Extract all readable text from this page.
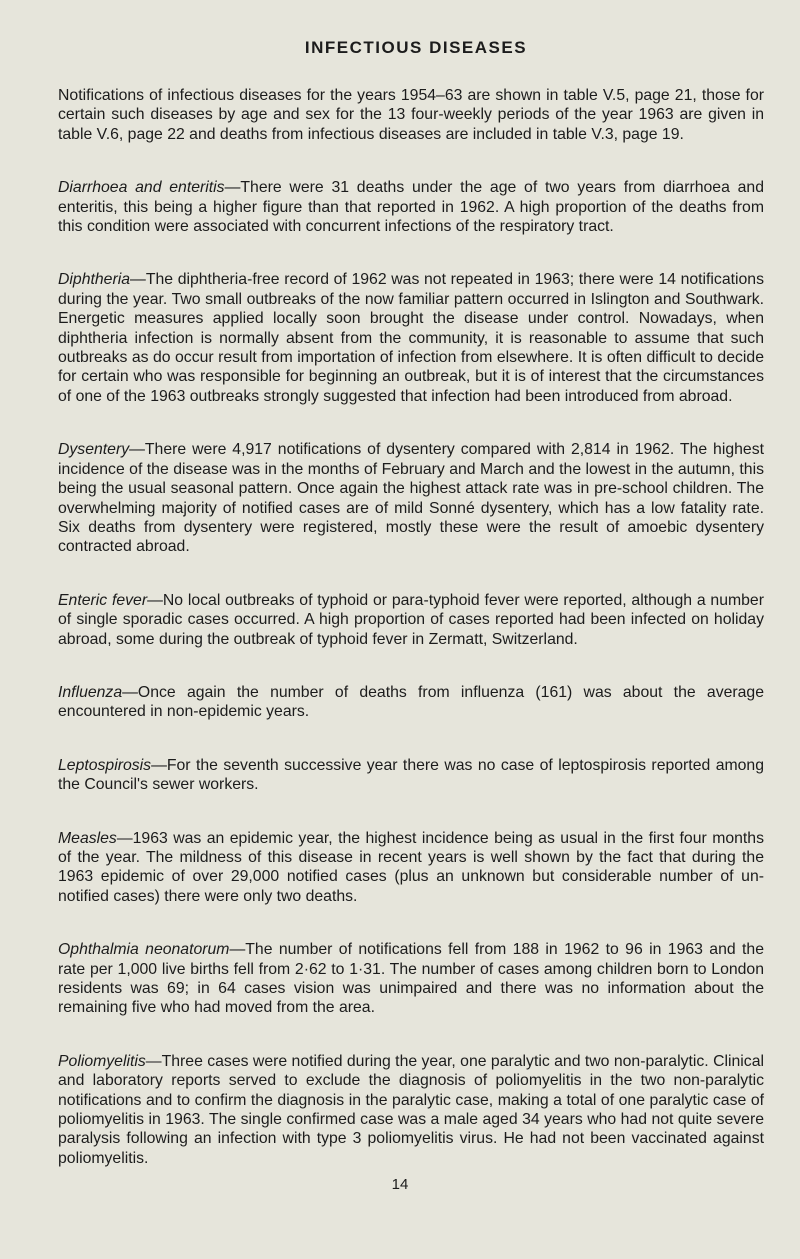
INFECTIOUS DISEASES

Notifications of infectious diseases for the years 1954–63 are shown in table V.5, page 21, those for certain such diseases by age and sex for the 13 four-weekly periods of the year 1963 are given in table V.6, page 22 and deaths from infectious diseases are included in table V.3, page 19.

Diarrhoea and enteritis—There were 31 deaths under the age of two years from diarrhoea and enteritis, this being a higher figure than that reported in 1962. A high proportion of the deaths from this condition were associated with concurrent infections of the respiratory tract.

Diphtheria—The diphtheria-free record of 1962 was not repeated in 1963; there were 14 notifications during the year. Two small outbreaks of the now familiar pattern occurred in Islington and Southwark. Energetic measures applied locally soon brought the disease under control. Nowadays, when diphtheria infection is normally absent from the community, it is reasonable to assume that such outbreaks as do occur result from importation of infection from elsewhere. It is often difficult to decide for certain who was responsible for beginning an outbreak, but it is of interest that the circumstances of one of the 1963 outbreaks strongly suggested that infection had been introduced from abroad.

Dysentery—There were 4,917 notifications of dysentery compared with 2,814 in 1962. The highest incidence of the disease was in the months of February and March and the lowest in the autumn, this being the usual seasonal pattern. Once again the highest attack rate was in pre-school children. The overwhelming majority of notified cases are of mild Sonné dysentery, which has a low fatality rate. Six deaths from dysentery were registered, mostly these were the result of amoebic dysentery contracted abroad.

Enteric fever—No local outbreaks of typhoid or para-typhoid fever were reported, although a number of single sporadic cases occurred. A high proportion of cases reported had been infected on holiday abroad, some during the outbreak of typhoid fever in Zermatt, Switzerland.

Influenza—Once again the number of deaths from influenza (161) was about the average encountered in non-epidemic years.

Leptospirosis—For the seventh successive year there was no case of leptospirosis reported among the Council's sewer workers.

Measles—1963 was an epidemic year, the highest incidence being as usual in the first four months of the year. The mildness of this disease in recent years is well shown by the fact that during the 1963 epidemic of over 29,000 notified cases (plus an unknown but considerable number of un-notified cases) there were only two deaths.

Ophthalmia neonatorum—The number of notifications fell from 188 in 1962 to 96 in 1963 and the rate per 1,000 live births fell from 2·62 to 1·31. The number of cases among children born to London residents was 69; in 64 cases vision was unimpaired and there was no information about the remaining five who had moved from the area.

Poliomyelitis—Three cases were notified during the year, one paralytic and two non-paralytic. Clinical and laboratory reports served to exclude the diagnosis of poliomyelitis in the two non-paralytic notifications and to confirm the diagnosis in the paralytic case, making a total of one paralytic case of poliomyelitis in 1963. The single confirmed case was a male aged 34 years who had not quite severe paralysis following an infection with type 3 poliomyelitis virus. He had not been vaccinated against poliomyelitis.

14
